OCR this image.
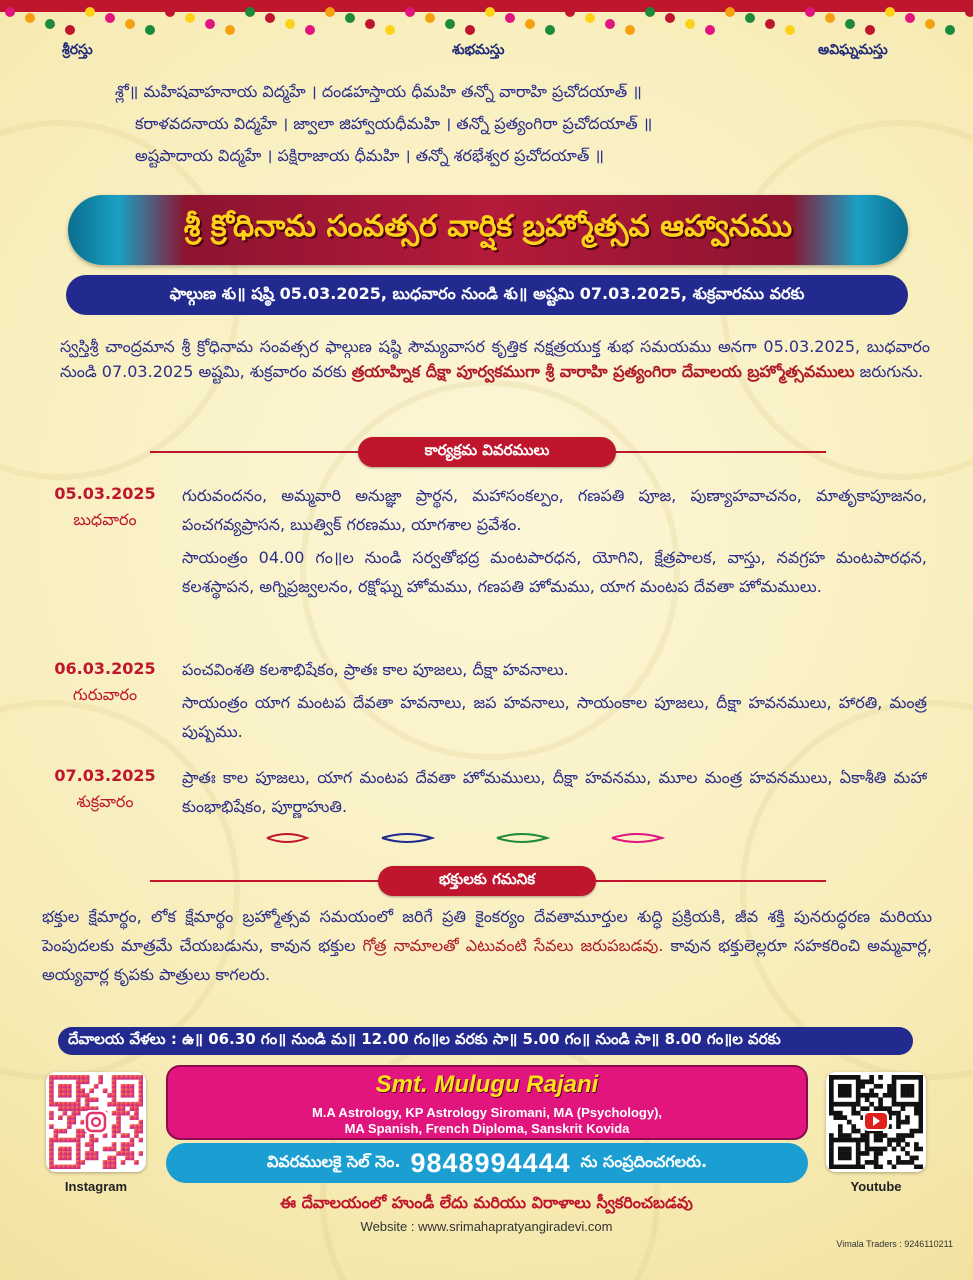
శ్రీరస్తు	శుభమస్తు	అవిఘ్నమస్తు
శ్లో॥ మహిషవాహనాయ విద్మహే । దండహస్తాయ ధీమహి తన్నో వారాహి ప్రచోదయాత్ ॥
కరాళవదనాయ విద్మహే । జ్వాలా జిహ్వాయధీమహి । తన్నో ప్రత్యంగిరా ప్రచోదయాత్ ॥
అష్టపాదాయ విద్మహే । పక్షిరాజాయ ధీమహి । తన్నో శరభేశ్వర ప్రచోదయాత్ ॥
శ్రీ క్రోధినామ సంవత్సర వార్షిక బ్రహ్మోత్సవ ఆహ్వానము
ఫాల్గుణ శు॥ షష్ఠి 05.03.2025, బుధవారం నుండి శు॥ అష్టమి 07.03.2025, శుక్రవారము వరకు
స్వస్తిశ్రీ చాంద్రమాన శ్రీ క్రోధినామ సంవత్సర ఫాల్గుణ షష్ఠి సౌమ్యవాసర కృత్తిక నక్షత్రయుక్త శుభ సమయము అనగా 05.03.2025, బుధవారం నుండి 07.03.2025 అష్టమి, శుక్రవారం వరకు త్రయాహ్నిక దీక్షా పూర్వకముగా శ్రీ వారాహి ప్రత్యంగిరా దేవాలయ బ్రహ్మోత్సవములు జరుగును.
కార్యక్రమ వివరములు
05.03.2025
బుధవారం
గురువందనం, అమ్మవారి అనుజ్ఞా ప్రార్థన, మహాసంకల్పం, గణపతి పూజ, పుణ్యాహవాచనం, మాతృకాపూజనం, పంచగవ్యప్రాసన, ఋత్విక్ గరణము, యాగశాల ప్రవేశం.
సాయంత్రం 04.00 గం॥ల నుండి సర్వతోభద్ర మంటపారధన, యోగిని, క్షేత్రపాలక, వాస్తు, నవగ్రహ మంటపారధన, కలశస్థాపన, అగ్నిప్రజ్వలనం, రక్షోఘ్న హోమము, గణపతి హోమము, యాగ మంటప దేవతా హోమములు.
06.03.2025
గురువారం
పంచవింశతి కలశాభిషేకం, ప్రాతః కాల పూజలు, దీక్షా హవనాలు.
సాయంత్రం యాగ మంటప దేవతా హవనాలు, జప హవనాలు, సాయంకాల పూజలు, దీక్షా హవనములు, హారతి, మంత్ర పుష్పము.
07.03.2025
శుక్రవారం
ప్రాతః కాల పూజలు, యాగ మంటప దేవతా హోమములు, దీక్షా హవనము, మూల మంత్ర హవనములు, ఏకాశీతి మహా కుంభాభిషేకం, పూర్ణాహుతి.
భక్తులకు గమనిక
భక్తుల క్షేమార్థం, లోక క్షేమార్థం బ్రహ్మోత్సవ సమయంలో జరిగే ప్రతి కైంకర్యం దేవతామూర్తుల శుద్ధి ప్రక్రియకి, జీవ శక్తి పునరుద్ధరణ మరియు పెంపుదలకు మాత్రమే చేయబడును, కావున భక్తుల గోత్ర నామాలతో ఎటువంటి సేవలు జరుపబడవు. కావున భక్తులెల్లరూ సహకరించి అమ్మవార్ల, అయ్యవార్ల కృపకు పాత్రులు కాగలరు.
దేవాలయ వేళలు : ఉ॥ 06.30 గం॥ నుండి మ॥ 12.00 గం॥ల వరకు సా॥ 5.00 గం॥ నుండి సా॥ 8.00 గం॥ల వరకు
Instagram	Youtube
Smt. Mulugu Rajani
M.A Astrology, KP Astrology Siromani, MA (Psychology),
MA Spanish, French Diploma, Sanskrit Kovida
వివరములకై సెల్ నెం. 9848994444 ను సంప్రదించగలరు.
ఈ దేవాలయంలో హుండీ లేదు మరియు విరాళాలు స్వీకరించబడవు
Website : www.srimahapratyangiradevi.com
Vimala Traders : 9246110211
